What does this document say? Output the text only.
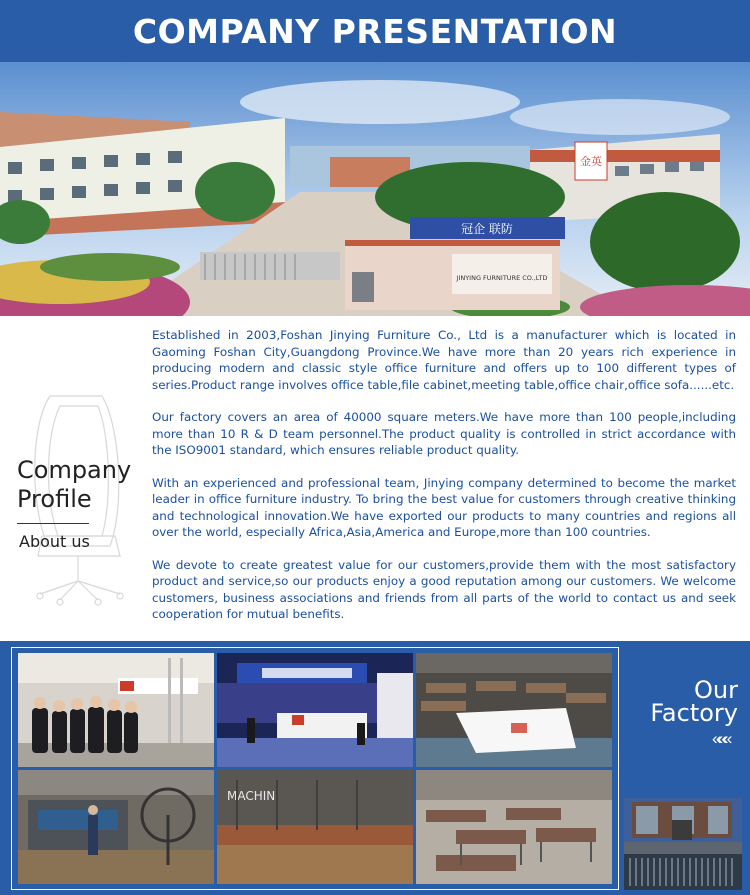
COMPANY PRESENTATION
金英
冠企 联防
JINYING FURNITURE CO.,LTD
Company
Profile
About us

Established in 2003,Foshan Jinying Furniture Co., Ltd is a manufacturer which is located in Gaoming Foshan City,Guangdong Province.We have more than 20 years rich experience in producing modern and classic style office furniture and offers up to 100 different types of series.Product range involves office table,file cabinet,meeting table,office chair,office sofa......etc.

Our factory covers an area of 40000 square meters.We have more than 100 people,including more than 10 R & D team personnel.The product quality is controlled in strict accordance with the ISO9001 standard, which ensures reliable product quality.

With an experienced and professional team, Jinying company determined to become the market leader in office furniture industry. To bring the best value for customers through creative thinking and technological innovation.We have exported our products to many countries and regions all over the world, especially Africa,Asia,America and Europe,more than 100 countries.

We devote to create greatest value for our customers,provide them with the most satisfactory product and service,so our products enjoy a good reputation among our customers. We welcome customers, business associations and friends from all parts of the world to contact us and seek cooperation for mutual benefits.

MACHIN
Our
Factory
«««
